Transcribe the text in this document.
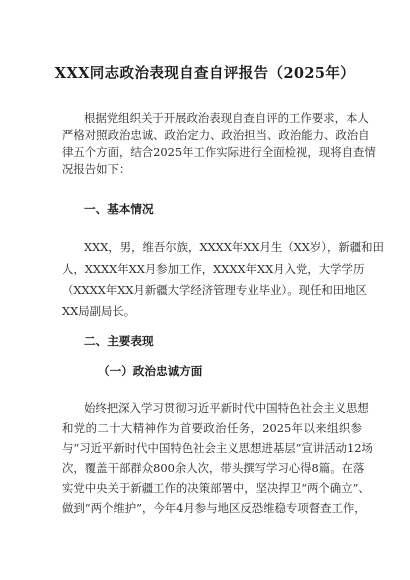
XXX同志政治表现自查自评报告（2025年）
根据党组织关于开展政治表现自查自评的工作要求，本人
严格对照政治忠诚、政治定力、政治担当、政治能力、政治自
律五个方面，结合2025年工作实际进行全面检视，现将自查情
况报告如下：
一、基本情况
XXX，男，维吾尔族，XXXX年XX月生（XX岁），新疆和田
人，XXXX年XX月参加工作，XXXX年XX月入党，大学学历
（XXXX年XX月新疆大学经济管理专业毕业）。现任和田地区
XX局副局长。
二、主要表现
（一）政治忠诚方面
始终把深入学习贯彻习近平新时代中国特色社会主义思想
和党的二十大精神作为首要政治任务，2025年以来组织参
与“习近平新时代中国特色社会主义思想进基层”宣讲活动12场
次，覆盖干部群众800余人次，带头撰写学习心得8篇。在落
实党中央关于新疆工作的决策部署中，坚决捍卫“两个确立”、
做到“两个维护”，今年4月参与地区反恐维稳专项督查工作，
